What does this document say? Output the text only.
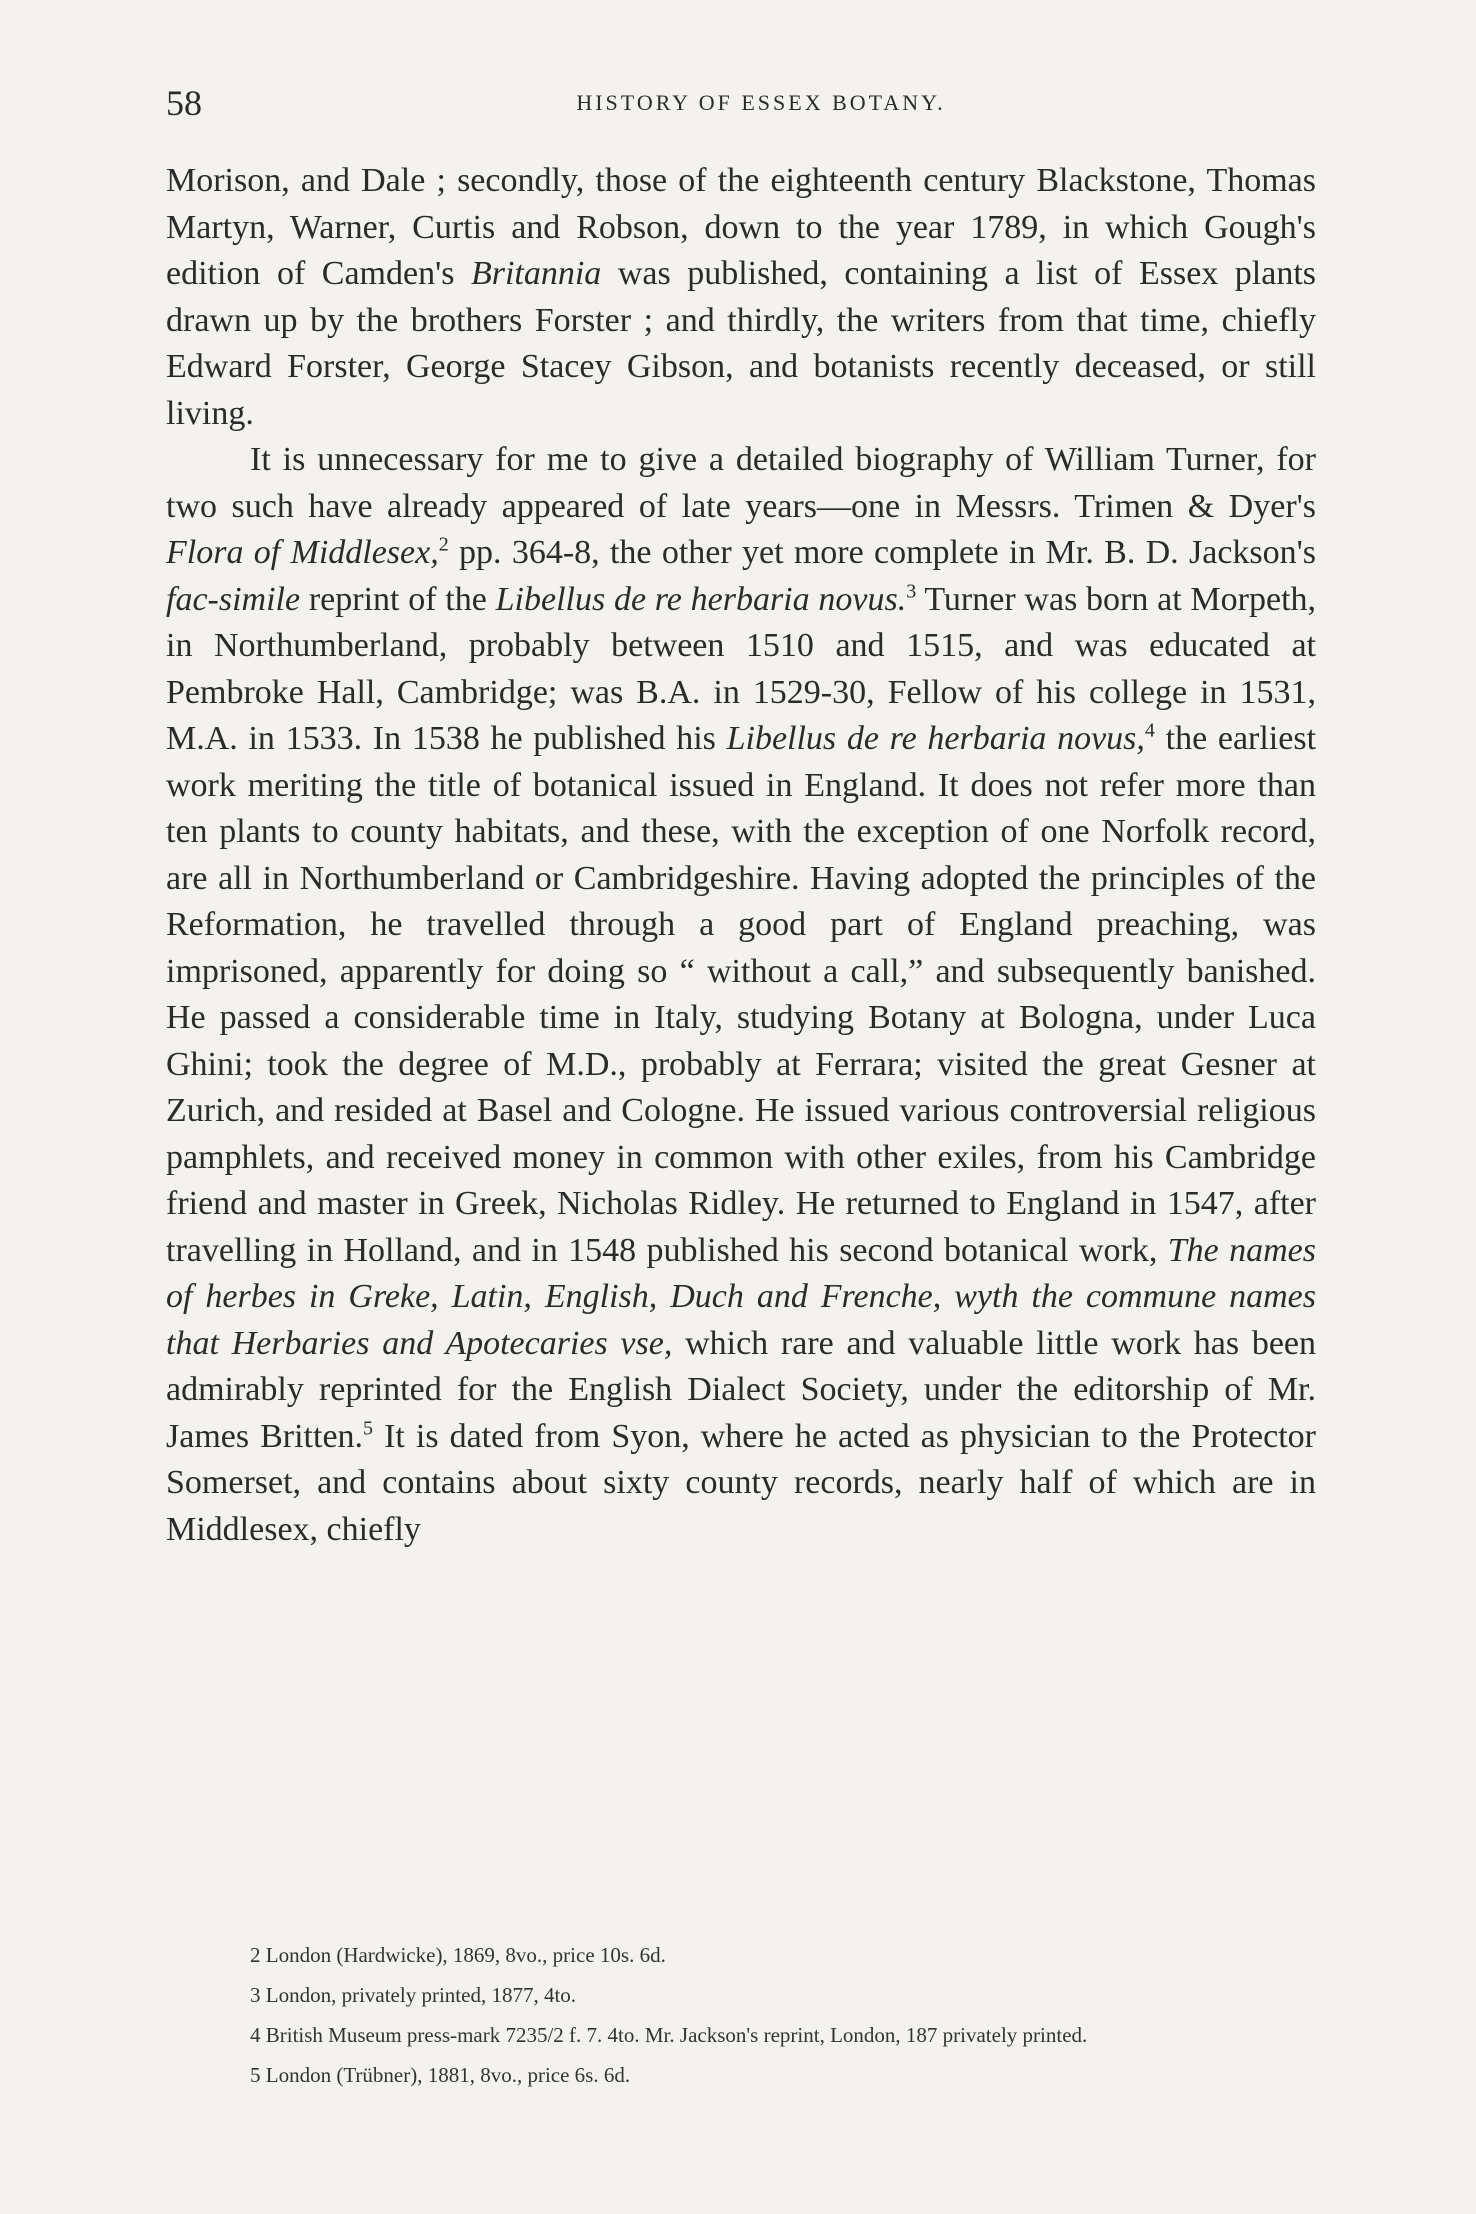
58	HISTORY OF ESSEX BOTANY.

Morison, and Dale ; secondly, those of the eighteenth century Blackstone, Thomas Martyn, Warner, Curtis and Robson, down to the year 1789, in which Gough's edition of Camden's Britannia was published, containing a list of Essex plants drawn up by the brothers Forster ; and thirdly, the writers from that time, chiefly Edward Forster, George Stacey Gibson, and botanists recently deceased, or still living.

It is unnecessary for me to give a detailed biography of William Turner, for two such have already appeared of late years—one in Messrs. Trimen & Dyer's Flora of Middlesex,$^2$ pp. 364-8, the other yet more complete in Mr. B. D. Jackson's fac-simile reprint of the Libellus de re herbaria novus.$^3$ Turner was born at Morpeth, in Northumberland, probably between 1510 and 1515, and was educated at Pembroke Hall, Cambridge; was B.A. in 1529-30, Fellow of his college in 1531, M.A. in 1533. In 1538 he published his Libellus de re herbaria novus,$^4$ the earliest work meriting the title of botanical issued in England. It does not refer more than ten plants to county habitats, and these, with the exception of one Norfolk record, are all in Northumberland or Cambridgeshire. Having adopted the principles of the Reformation, he travelled through a good part of England preaching, was imprisoned, apparently for doing so “ without a call,” and subsequently banished. He passed a considerable time in Italy, studying Botany at Bologna, under Luca Ghini; took the degree of M.D., probably at Ferrara; visited the great Gesner at Zurich, and resided at Basel and Cologne. He issued various controversial religious pamphlets, and received money in common with other exiles, from his Cambridge friend and master in Greek, Nicholas Ridley. He returned to England in 1547, after travelling in Holland, and in 1548 published his second botanical work, The names of herbes in Greke, Latin, English, Duch and Frenche, wyth the commune names that Herbaries and Apotecaries vse, which rare and valuable little work has been admirably reprinted for the English Dialect Society, under the editorship of Mr. James Britten.$^5$ It is dated from Syon, where he acted as physician to the Protector Somerset, and contains about sixty county records, nearly half of which are in Middlesex, chiefly

2 London (Hardwicke), 1869, 8vo., price 10s. 6d.

3 London, privately printed, 1877, 4to.

4 British Museum press-mark 7235/2 f. 7. 4to. Mr. Jackson's reprint, London, 187 privately printed.

5 London (Trübner), 1881, 8vo., price 6s. 6d.
